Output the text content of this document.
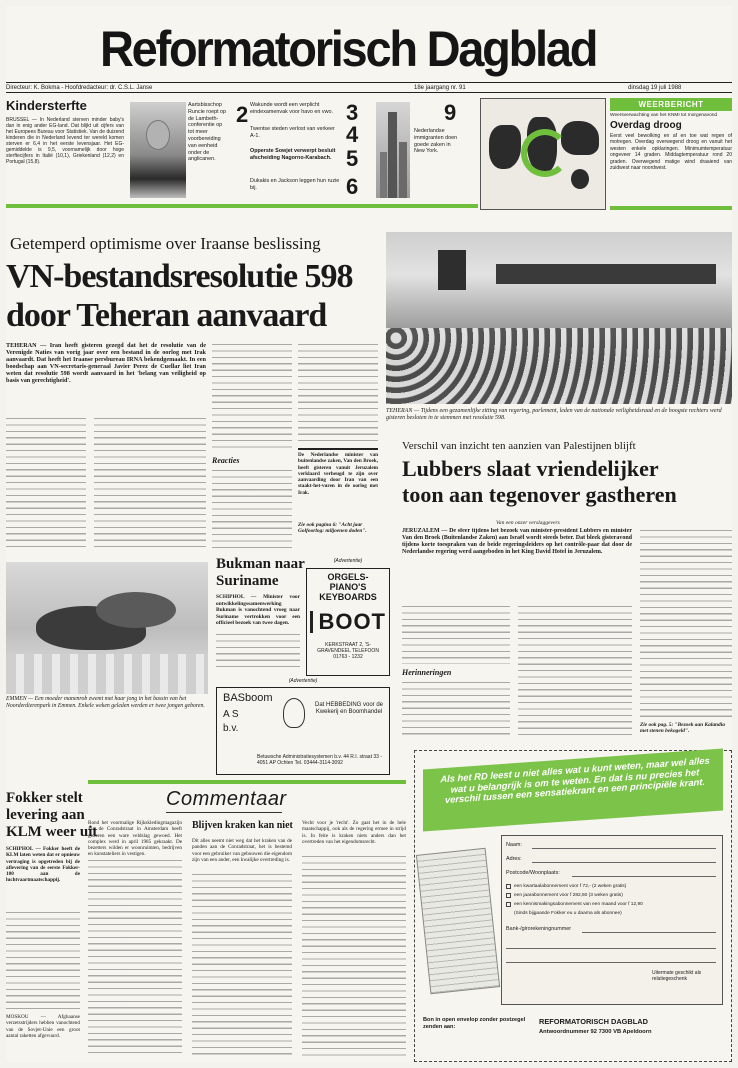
Reformatorisch Dagblad
Directeur: K. Bokma - Hoofdredacteur: dr. C.S.L. Janse	18e jaargang nr. 91	dinsdag 19 juli 1988
Kindersterfte
BRUSSEL — In Nederland sterven minder baby's dan in enig ander EG-land. Dat blijkt uit cijfers van het Europees Bureau voor Statistiek. Van de duizend kinderen die in Nederland levend ter wereld komen sterven er 6,4 in het eerste levensjaar. Het EG-gemiddelde is 9,5, voornamelijk door hoge sterftecijfers in Italië (10,1), Griekenland (12,2) en Portugal (15,8).
2
Aartsbisschop Runcie roept op de Lambeth-conferentie op tot meer voorbereiding van eenheid onder de anglicanen.
Wakunde wordt een verplicht eindexamenvak voor havo en vwo.
Twentse steden verlost van verkeer A-1.
Opperste Sowjet verwerpt besluit afscheiding Nagorno-Karabach.
Dukakis en Jackson leggen hun ruzie bij.
3
4
5
6
9
Nederlandse immigranten doen goede zaken in New York.
WEERBERICHT
Weersverwachting van het KNMI tot morgenavond
Overdag droog
Eerst veel bewolking en af en toe wat regen of motregen. Overdag overwegend droog en vanuit het westen enkele opklaringen. Minimumtemperatuur ongeveer 14 graden. Middagtemperatuur rond 20 graden. Overwegend matige wind draaiend van zuidwest naar noordwest.
Getemperd optimisme over Iraanse beslissing
VN-bestandsresolutie 598
door Teheran aanvaard
TEHERAN — Iran heeft gisteren gezegd dat het de resolutie van de Verenigde Naties van vorig jaar over een bestand in de oorlog met Irak aanvaardt. Dat heeft het Iraanse persbureau IRNA bekendgemaakt. In een boodschap aan VN-secretaris-generaal Javier Perez de Cuellar liet Iran weten dat resolutie 598 wordt aanvaard in het 'belang van veiligheid op basis van gerechtigheid'.
Reacties
De Nederlandse minister van buitenlandse zaken, Van den Broek, heeft gisteren vanuit Jeruzalem verklaard verheugd te zijn over aanvaarding door Iran van een staakt-het-vuren in de oorlog met Irak.
Zie ook pagina 6: "Acht jaar Golfoorlog: miljoenen doden".
TEHERAN — Tijdens een gezamenlijke zitting van regering, parlement, leden van de nationale veiligheidsraad en de hoogste rechters werd gisteren besloten in te stemmen met resolutie 598.
Verschil van inzicht ten aanzien van Palestijnen blijft
Lubbers slaat vriendelijker
toon aan tegenover gastheren
Van een onzer verslaggevers
JERUZALEM — De sfeer tijdens het bezoek van minister-president Lubbers en minister Van den Broek (Buitenlandse Zaken) aan Israël wordt steeds beter. Dat bleek gisteravond tijdens korte toespraken van de beide regeringsleiders op het contrôle-paar dat door de Nederlandse regering werd aangeboden in het King David Hotel in Jeruzalem.
Herinneringen
Zie ook pag. 5: "Bezoek aan Kalandia met stenen bekogeld".
EMMEN — Een moeder manenrob zwemt met haar jong in het bassin van het Noorderdierenpark in Emmen. Enkele weken geleden werden er twee jongen geboren.
Bukman naar
Suriname
SCHIPHOL — Minister voor ontwikkelingssamenwerking Bukman is vanochtend vroeg naar Suriname vertrokken voor een officieel bezoek van twee dagen.
(Advertentie)
ORGELS-PIANO'S
KEYBOARDS
BOOT
KERKSTRAAT 2, 'S-GRAVENDEEL TELEFOON 01763 - 1232
(Advertentie)
BASboom
A S b.v.
Dat HEBBEDING voor de Kwekerij en Boomhandel
Betuwsche Administratiesystemen b.v. 44 R.I. straat 33 - 4051 AP Ochten Tel. 03444-3114-3092
Fokker stelt
levering aan
KLM weer uit
SCHIPHOL — Fokker heeft de KLM laten weten dat er opnieuw vertraging is opgetreden bij de aflevering van de eerste Fokker-100 aan de luchtvaartmaatschappij.
MOSKOU — Afghaanse verzetsstrijders hebben vanochtend van de Sovjet-Unie een groot aantal raketten afgevuurd.
Commentaar
Blijven kraken kan niet
Rond het voormalige Rijkskledingmagazijn aan de Conradstraat in Amsterdam heeft gisteren een ware veldslag gewoed. Het complex werd in april 1985 gekraakt. De bezetters wilden er woonruimten, bedrijven en kunstateliers in vestigen.
Dit alles neemt niet weg dat het kraken van de panden aan de Conradstraat, het is bestemd voor een gebruiker van gebouwen die eigendom zijn van een ander, een kwalijke overtreding is.
Vecht voor je 'recht'. Zo gaat het in de hele maatschappij, ook als de regering ermee in strijd is. In feite is kraken niets anders dan het overtreden van het eigendomsrecht.
Als het RD leest u niet alles wat u kunt weten, maar wel alles wat u belangrijk is om te weten. En dat is nu precies het verschil tussen een sensatiekrant en een principiële krant.
Naam:
Adres:
Postcode/Woonplaats:
een kwartaalabonnement voor f 72,- (2 weken gratis)
een jaarabonnement voor f 282,50 (3 weken gratis)
een kennismakingsabonnement van een maand voor f 12,90
(Sinds bijgaande Fokker eu u daarna als abonnee)
Bank-/girorekeningnummer
Uitermate geschikt als relatiegeschenk
Bon in open envelop zonder postzegel zenden aan:
REFORMATORISCH DAGBLAD
Antwoordnummer 92 7300 VB Apeldoorn
